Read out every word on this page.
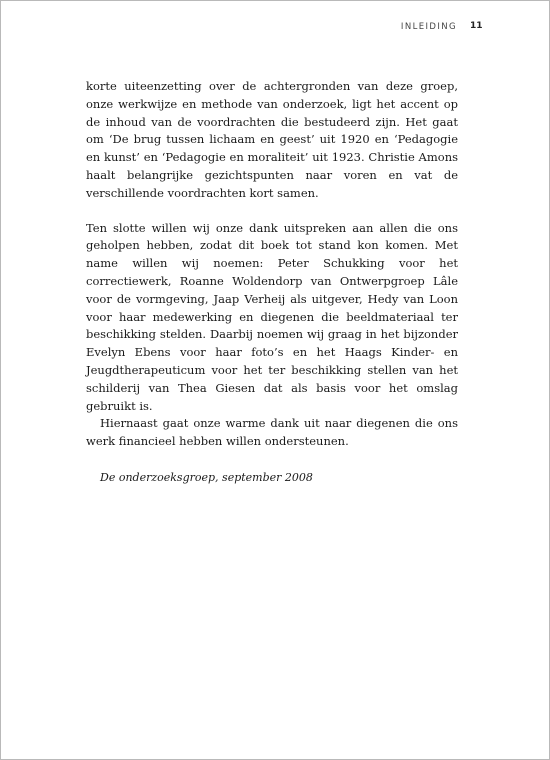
INLEIDING 11

korte uiteenzetting over de achtergronden van deze groep, onze werkwijze en methode van onderzoek, ligt het accent op de inhoud van de voordrachten die bestudeerd zijn. Het gaat om ‘De brug tussen lichaam en geest’ uit 1920 en ‘Pedagogie en kunst’ en ‘Pedagogie en moraliteit’ uit 1923. Christie Amons haalt belangrijke gezichtspunten naar voren en vat de verschillende voordrachten kort samen.

Ten slotte willen wij onze dank uitspreken aan allen die ons geholpen hebben, zodat dit boek tot stand kon komen. Met name willen wij noemen: Peter Schukking voor het correctiewerk, Roanne Woldendorp van Ontwerpgroep Lâle voor de vormgeving, Jaap Verheij als uitgever, Hedy van Loon voor haar medewerking en diegenen die beeldmateriaal ter beschikking stelden. Daarbij noemen wij graag in het bijzonder Evelyn Ebens voor haar foto’s en het Haags Kinder- en Jeugdtherapeuticum voor het ter beschikking stellen van het schilderij van Thea Giesen dat als basis voor het omslag gebruikt is.

Hiernaast gaat onze warme dank uit naar diegenen die ons werk financieel hebben willen ondersteunen.

De onderzoeksgroep, september 2008
